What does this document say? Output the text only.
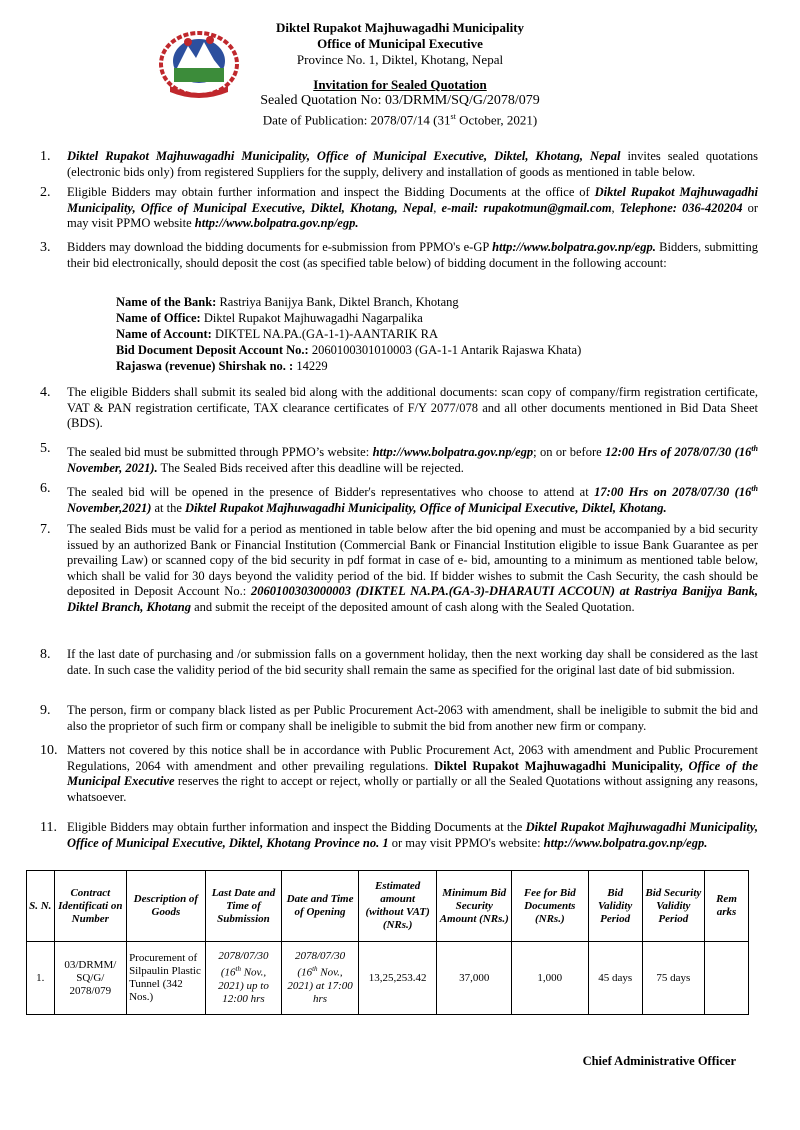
Diktel Rupakot Majhuwagadhi Municipality
Office of Municipal Executive
Province No. 1, Diktel, Khotang, Nepal
Invitation for Sealed Quotation
Sealed Quotation No: 03/DRMM/SQ/G/2078/079
Date of Publication: 2078/07/14 (31st October, 2021)
1. Diktel Rupakot Majhuwagadhi Municipality, Office of Municipal Executive, Diktel, Khotang, Nepal invites sealed quotations (electronic bids only) from registered Suppliers for the supply, delivery and installation of goods as mentioned in table below.
2. Eligible Bidders may obtain further information and inspect the Bidding Documents at the office of Diktel Rupakot Majhuwagadhi Municipality, Office of Municipal Executive, Diktel, Khotang, Nepal, e-mail: rupakotmun@gmail.com, Telephone: 036-420204 or may visit PPMO website http://www.bolpatra.gov.np/egp.
3. Bidders may download the bidding documents for e-submission from PPMO's e-GP http://www.bolpatra.gov.np/egp. Bidders, submitting their bid electronically, should deposit the cost (as specified table below) of bidding document in the following account:
Name of the Bank: Rastriya Banijya Bank, Diktel Branch, Khotang
Name of Office: Diktel Rupakot Majhuwagadhi Nagarpalika
Name of Account: DIKTEL NA.PA.(GA-1-1)-AANTARIK RA
Bid Document Deposit Account No.: 2060100301010003 (GA-1-1 Antarik Rajaswa Khata)
Rajaswa (revenue) Shirshak no. : 14229
4. The eligible Bidders shall submit its sealed bid along with the additional documents: scan copy of company/firm registration certificate, VAT & PAN registration certificate, TAX clearance certificates of F/Y 2077/078 and all other documents mentioned in Bid Data Sheet (BDS).
5. The sealed bid must be submitted through PPMO’s website: http://www.bolpatra.gov.np/egp; on or before 12:00 Hrs of 2078/07/30 (16th November, 2021). The Sealed Bids received after this deadline will be rejected.
6. The sealed bid will be opened in the presence of Bidder's representatives who choose to attend at 17:00 Hrs on 2078/07/30 (16th November,2021) at the Diktel Rupakot Majhuwagadhi Municipality, Office of Municipal Executive, Diktel, Khotang.
7. The sealed Bids must be valid for a period as mentioned in table below after the bid opening and must be accompanied by a bid security issued by an authorized Bank or Financial Institution (Commercial Bank or Financial Institution eligible to issue Bank Guarantee as per prevailing Law) or scanned copy of the bid security in pdf format in case of e- bid, amounting to a minimum as mentioned table below, which shall be valid for 30 days beyond the validity period of the bid. If bidder wishes to submit the Cash Security, the cash should be deposited in Deposit Account No.: 2060100303000003 (DIKTEL NA.PA.(GA-3)-DHARAUTI ACCOUN) at Rastriya Banijya Bank, Diktel Branch, Khotang and submit the receipt of the deposited amount of cash along with the Sealed Quotation.
8. If the last date of purchasing and /or submission falls on a government holiday, then the next working day shall be considered as the last date. In such case the validity period of the bid security shall remain the same as specified for the original last date of bid submission.
9. The person, firm or company black listed as per Public Procurement Act-2063 with amendment, shall be ineligible to submit the bid and also the proprietor of such firm or company shall be ineligible to submit the bid from another new firm or company.
10. Matters not covered by this notice shall be in accordance with Public Procurement Act, 2063 with amendment and Public Procurement Regulations, 2064 with amendment and other prevailing regulations. Diktel Rupakot Majhuwagadhi Municipality, Office of the Municipal Executive reserves the right to accept or reject, wholly or partially or all the Sealed Quotations without assigning any reasons, whatsoever.
11. Eligible Bidders may obtain further information and inspect the Bidding Documents at the Diktel Rupakot Majhuwagadhi Municipality, Office of Municipal Executive, Diktel, Khotang Province no. 1 or may visit PPMO's website: http://www.bolpatra.gov.np/egp.
S. N.	Contract Identificati on Number	Description of Goods	Last Date and Time of Submission	Date and Time of Opening	Estimated amount (without VAT) (NRs.)	Minimum Bid Security Amount (NRs.)	Fee for Bid Documents (NRs.)	Bid Validity Period	Bid Security Validity Period	Rem arks
1.	03/DRMM/ SQ/G/ 2078/079	Procurement of Silpaulin Plastic Tunnel (342 Nos.)	2078/07/30 (16th Nov., 2021) up to 12:00 hrs	2078/07/30 (16th Nov., 2021) at 17:00 hrs	13,25,253.42	37,000	1,000	45 days	75 days	
Chief Administrative Officer
